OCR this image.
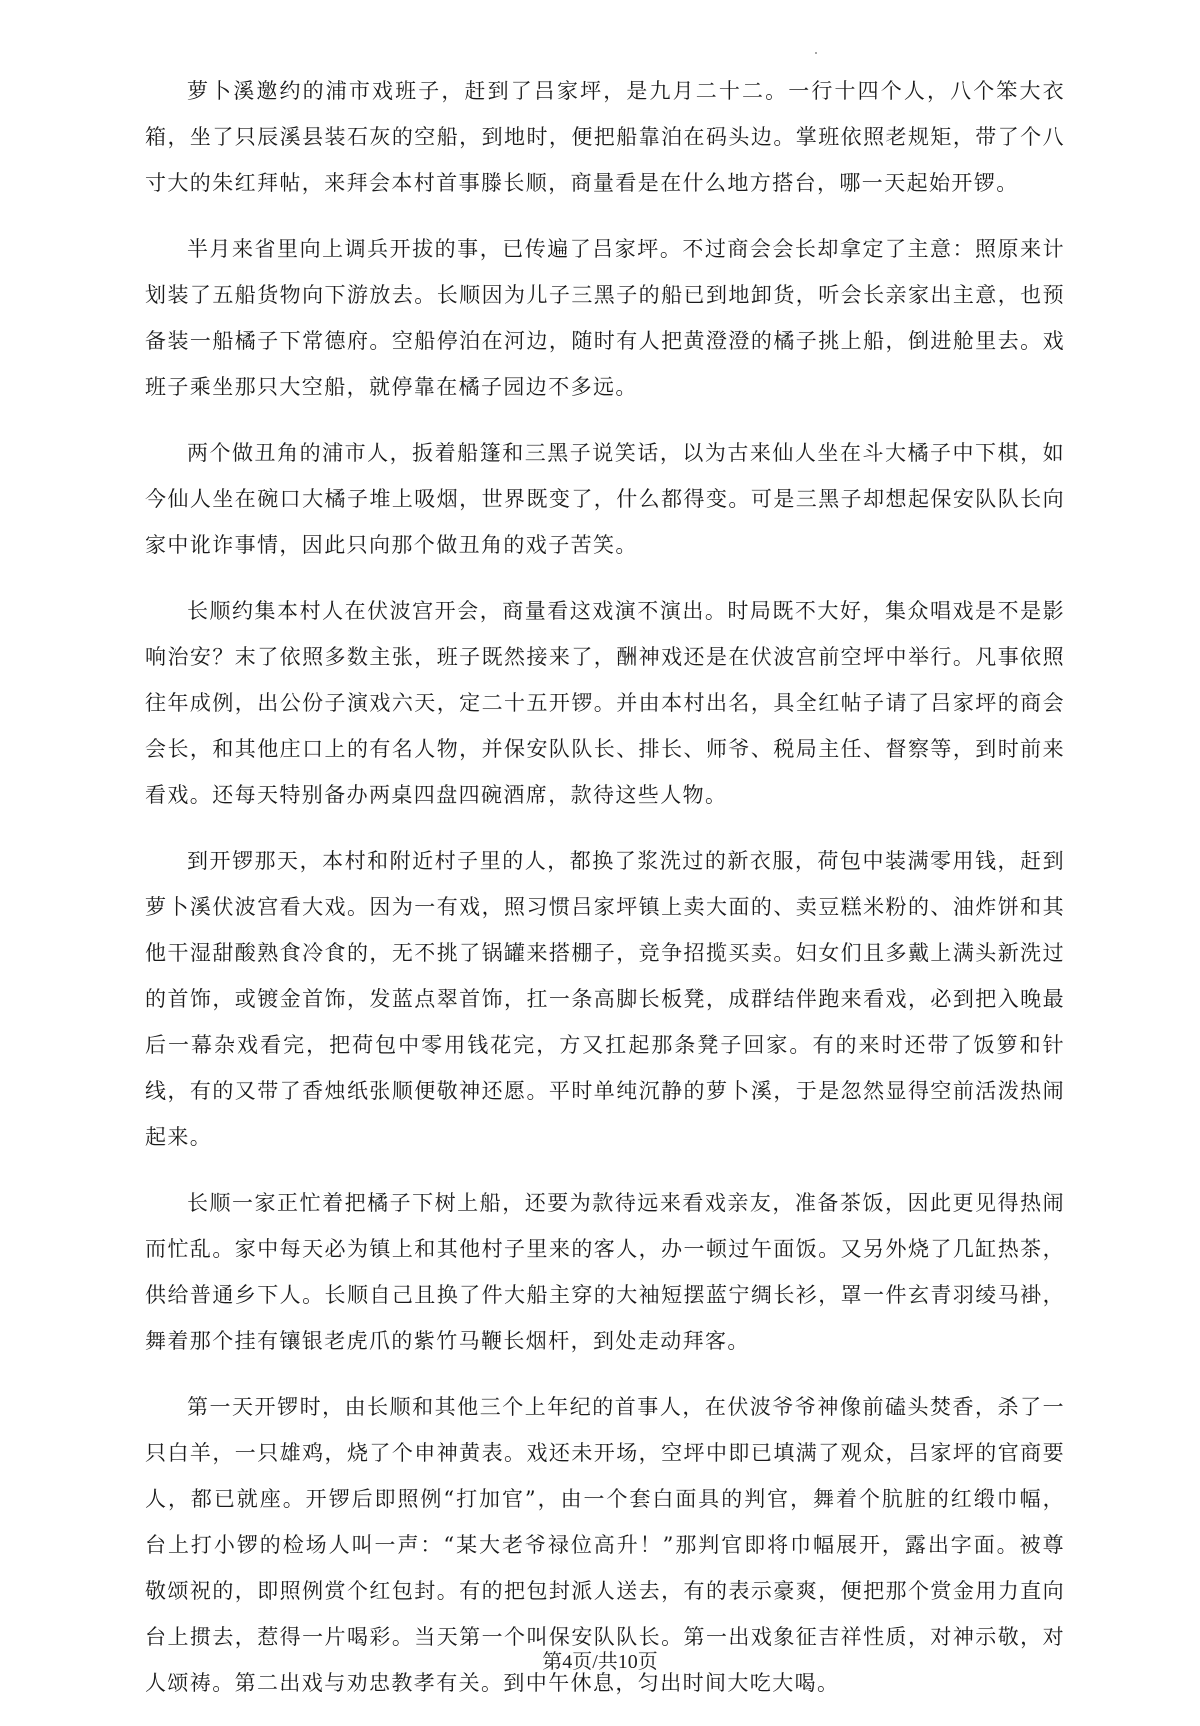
萝卜溪邀约的浦市戏班子，赶到了吕家坪，是九月二十二。一行十四个人，八个笨大衣箱，坐了只辰溪县装石灰的空船，到地时，便把船靠泊在码头边。掌班依照老规矩，带了个八寸大的朱红拜帖，来拜会本村首事滕长顺，商量看是在什么地方搭台，哪一天起始开锣。

半月来省里向上调兵开拔的事，已传遍了吕家坪。不过商会会长却拿定了主意：照原来计划装了五船货物向下游放去。长顺因为儿子三黑子的船已到地卸货，听会长亲家出主意，也预备装一船橘子下常德府。空船停泊在河边，随时有人把黄澄澄的橘子挑上船，倒进舱里去。戏班子乘坐那只大空船，就停靠在橘子园边不多远。

两个做丑角的浦市人，扳着船篷和三黑子说笑话，以为古来仙人坐在斗大橘子中下棋，如今仙人坐在碗口大橘子堆上吸烟，世界既变了，什么都得变。可是三黑子却想起保安队队长向家中讹诈事情，因此只向那个做丑角的戏子苦笑。

长顺约集本村人在伏波宫开会，商量看这戏演不演出。时局既不大好，集众唱戏是不是影响治安？末了依照多数主张，班子既然接来了，酬神戏还是在伏波宫前空坪中举行。凡事依照往年成例，出公份子演戏六天，定二十五开锣。并由本村出名，具全红帖子请了吕家坪的商会会长，和其他庄口上的有名人物，并保安队队长、排长、师爷、税局主任、督察等，到时前来看戏。还每天特别备办两桌四盘四碗酒席，款待这些人物。

到开锣那天，本村和附近村子里的人，都换了浆洗过的新衣服，荷包中装满零用钱，赶到萝卜溪伏波宫看大戏。因为一有戏，照习惯吕家坪镇上卖大面的、卖豆糕米粉的、油炸饼和其他干湿甜酸熟食冷食的，无不挑了锅罐来搭棚子，竞争招揽买卖。妇女们且多戴上满头新洗过的首饰，或镀金首饰，发蓝点翠首饰，扛一条高脚长板凳，成群结伴跑来看戏，必到把入晚最后一幕杂戏看完，把荷包中零用钱花完，方又扛起那条凳子回家。有的来时还带了饭箩和针线，有的又带了香烛纸张顺便敬神还愿。平时单纯沉静的萝卜溪，于是忽然显得空前活泼热闹起来。

长顺一家正忙着把橘子下树上船，还要为款待远来看戏亲友，准备茶饭，因此更见得热闹而忙乱。家中每天必为镇上和其他村子里来的客人，办一顿过午面饭。又另外烧了几缸热茶，供给普通乡下人。长顺自己且换了件大船主穿的大袖短摆蓝宁绸长衫，罩一件玄青羽绫马褂，舞着那个挂有镶银老虎爪的紫竹马鞭长烟杆，到处走动拜客。

第一天开锣时，由长顺和其他三个上年纪的首事人，在伏波爷爷神像前磕头焚香，杀了一只白羊，一只雄鸡，烧了个申神黄表。戏还未开场，空坪中即已填满了观众，吕家坪的官商要人，都已就座。开锣后即照例“打加官”，由一个套白面具的判官，舞着个肮脏的红缎巾幅，台上打小锣的检场人叫一声：“某大老爷禄位高升！”那判官即将巾幅展开，露出字面。被尊敬颂祝的，即照例赏个红包封。有的把包封派人送去，有的表示豪爽，便把那个赏金用力直向台上掼去，惹得一片喝彩。当天第一个叫保安队队长。第一出戏象征吉祥性质，对神示敬，对人颂祷。第二出戏与劝忠教孝有关。到中午休息，匀出时间大吃大喝。

第4页/共10页
